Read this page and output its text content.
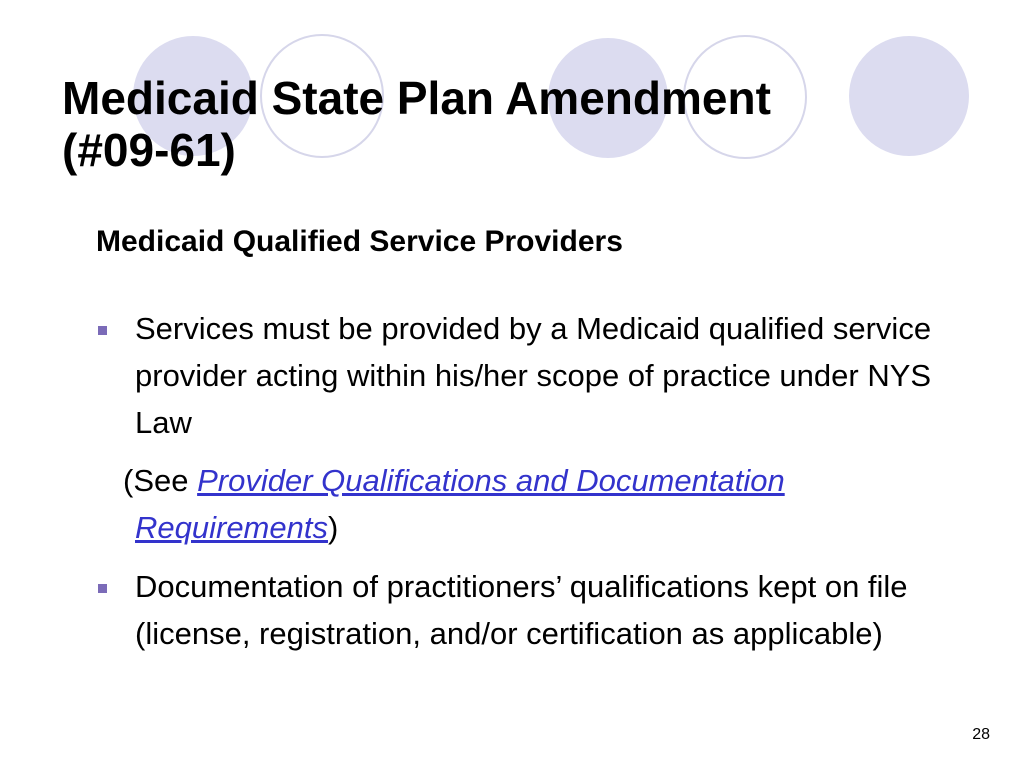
Medicaid State Plan Amendment
(#09-61)
Medicaid Qualified Service Providers

Services must be provided by a Medicaid qualified service provider acting within his/her scope of practice under NYS Law

(See Provider Qualifications and Documentation
Requirements)

Documentation of practitioners’ qualifications kept on file (license, registration, and/or certification as applicable)

28
